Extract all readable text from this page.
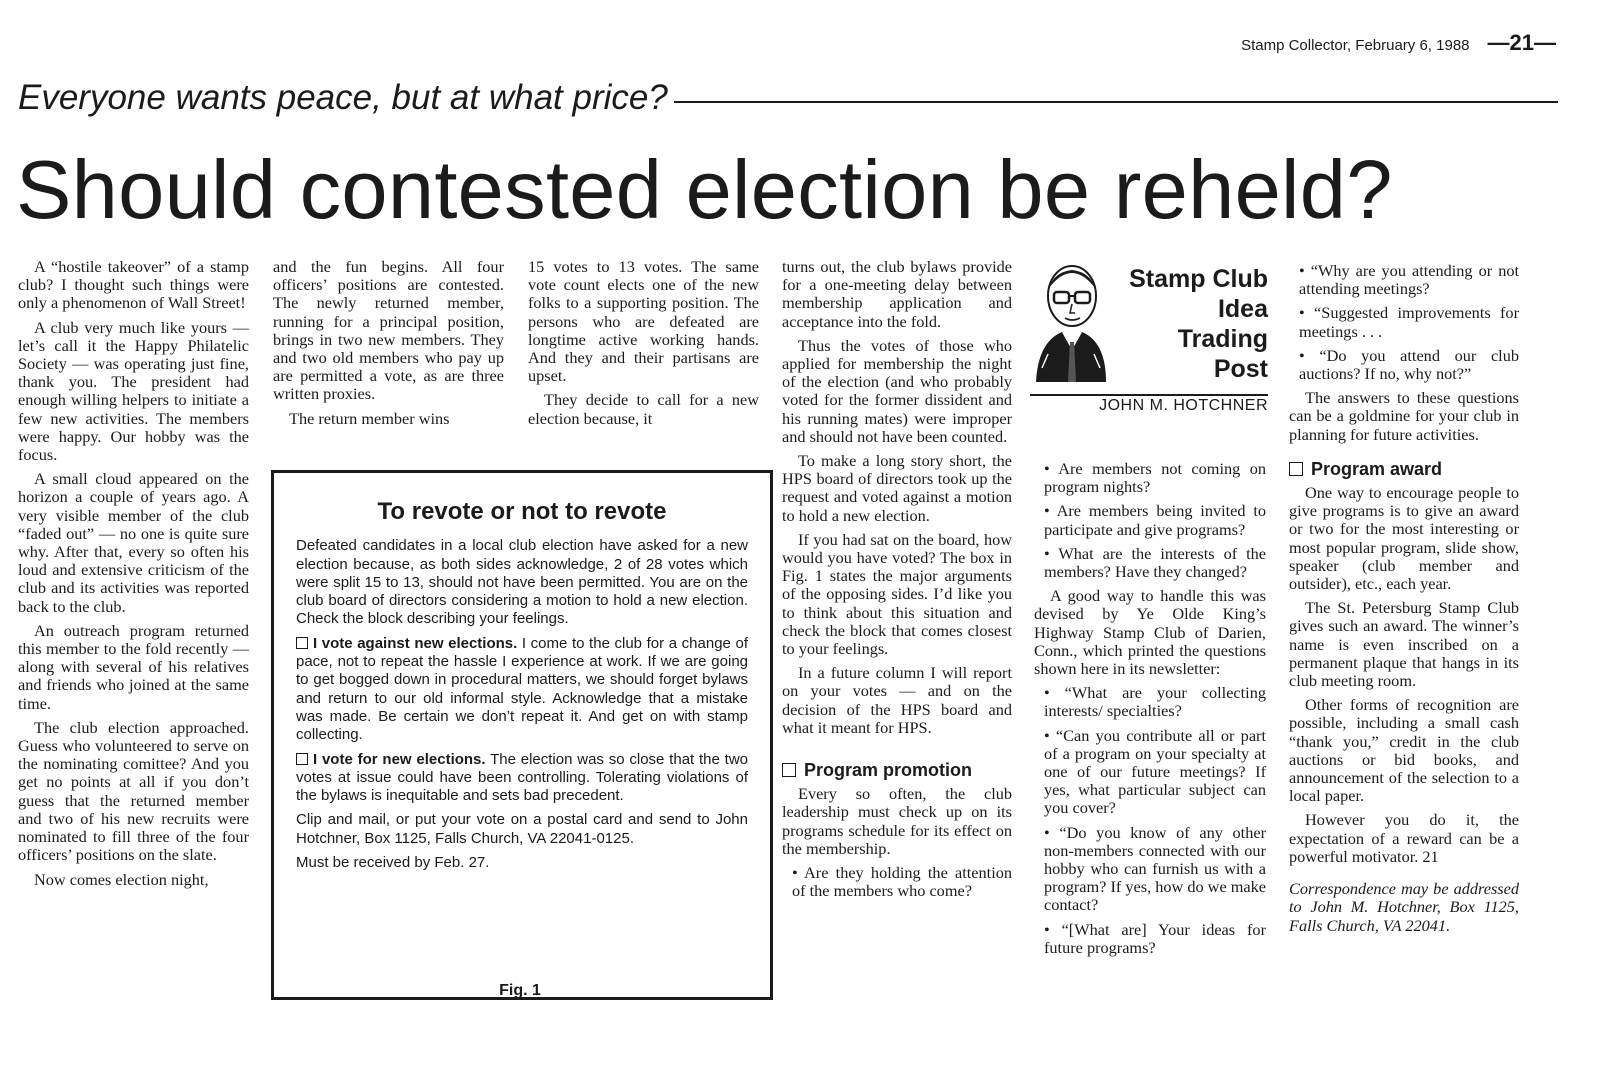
Stamp Collector, February 6, 1988 —21—
Everyone wants peace, but at what price?
Should contested election be reheld?

A “hostile takeover” of a stamp club? I thought such things were only a phenomenon of Wall Street!

A club very much like yours — let’s call it the Happy Philatelic Society — was operating just fine, thank you. The president had enough willing helpers to initiate a few new activities. The members were happy. Our hobby was the focus.

A small cloud appeared on the horizon a couple of years ago. A very visible member of the club “faded out” — no one is quite sure why. After that, every so often his loud and extensive criticism of the club and its activities was reported back to the club.

An outreach program returned this member to the fold recently — along with several of his relatives and friends who joined at the same time.

The club election approached. Guess who volunteered to serve on the nominating comittee? And you get no points at all if you don’t guess that the returned member and two of his new recruits were nominated to fill three of the four officers’ positions on the slate.

Now comes election night,

and the fun begins. All four officers’ positions are contested. The newly returned member, running for a principal position, brings in two new members. They and two old members who pay up are permitted a vote, as are three written proxies.

The return member wins

15 votes to 13 votes. The same vote count elects one of the new folks to a supporting position. The persons who are defeated are longtime active working hands. And they and their partisans are upset.

They decide to call for a new election because, it

To revote or not to revote

Defeated candidates in a local club election have asked for a new election because, as both sides acknowledge, 2 of 28 votes which were split 15 to 13, should not have been permitted. You are on the club board of directors considering a motion to hold a new election. Check the block describing your feelings.

I vote against new elections. I come to the club for a change of pace, not to repeat the hassle I experience at work. If we are going to get bogged down in procedural matters, we should forget bylaws and return to our old informal style. Acknowledge that a mistake was made. Be certain we don’t repeat it. And get on with stamp collecting.

I vote for new elections. The election was so close that the two votes at issue could have been controlling. Tolerating violations of the bylaws is inequitable and sets bad precedent.

Clip and mail, or put your vote on a postal card and send to John Hotchner, Box 1125, Falls Church, VA 22041-0125.

Must be received by Feb. 27.

Fig. 1

turns out, the club bylaws provide for a one-meeting delay between membership application and acceptance into the fold.

Thus the votes of those who applied for membership the night of the election (and who probably voted for the former dissident and his running mates) were improper and should not have been counted.

To make a long story short, the HPS board of directors took up the request and voted against a motion to hold a new election.

If you had sat on the board, how would you have voted? The box in Fig. 1 states the major arguments of the opposing sides. I’d like you to think about this situation and check the block that comes closest to your feelings.

In a future column I will report on your votes — and on the decision of the HPS board and what it meant for HPS.

Program promotion

Every so often, the club leadership must check up on its programs schedule for its effect on the membership.

• Are they holding the attention of the members who come?

Stamp Club
Idea
Trading
Post
JOHN M. HOTCHNER

• Are members not coming on program nights?

• Are members being invited to participate and give programs?

• What are the interests of the members? Have they changed?

A good way to handle this was devised by Ye Olde King’s Highway Stamp Club of Darien, Conn., which printed the questions shown here in its newsletter:

• “What are your collecting interests/ specialties?

• “Can you contribute all or part of a program on your specialty at one of our future meetings? If yes, what particular subject can you cover?

• “Do you know of any other non-members connected with our hobby who can furnish us with a program? If yes, how do we make contact?

• “[What are] Your ideas for future programs?

• “Why are you attending or not attending meetings?

• “Suggested improvements for meetings . . .

• “Do you attend our club auctions? If no, why not?”

The answers to these questions can be a goldmine for your club in planning for future activities.

Program award

One way to encourage people to give programs is to give an award or two for the most interesting or most popular program, slide show, speaker (club member and outsider), etc., each year.

The St. Petersburg Stamp Club gives such an award. The winner’s name is even inscribed on a permanent plaque that hangs in its club meeting room.

Other forms of recognition are possible, including a small cash “thank you,” credit in the club auctions or bid books, and announcement of the selection to a local paper.

However you do it, the expectation of a reward can be a powerful motivator. 21

Correspondence may be addressed to John M. Hotchner, Box 1125, Falls Church, VA 22041.
